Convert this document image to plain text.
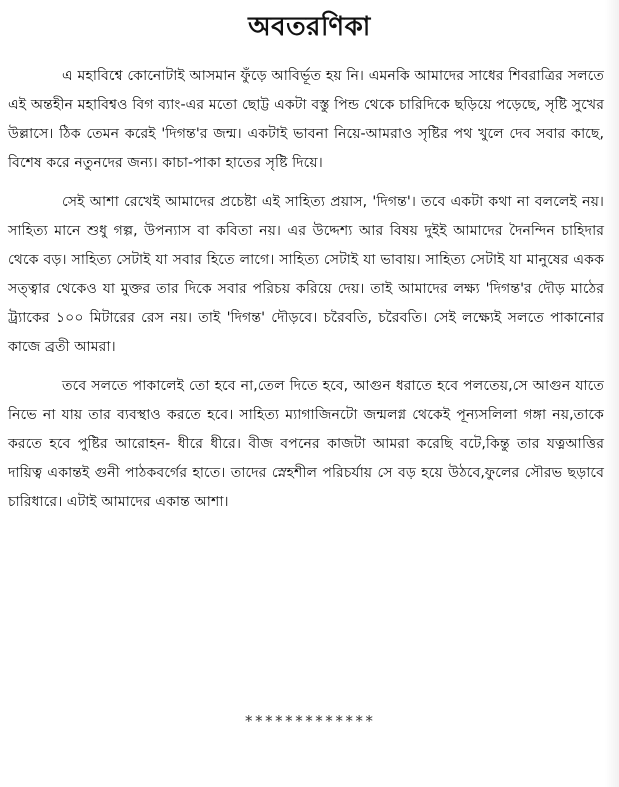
অবতরণিকা

এ মহাবিশ্বে কোনোটাই আসমান ফুঁড়ে আবির্ভূত হয় নি। এমনকি আমাদের সাধের শিবরাত্রির সলতে এই অন্তহীন মহাবিশ্বও বিগ ব্যাং-এর মতো ছোট্ট একটা বস্তু পিন্ড থেকে চারিদিকে ছড়িয়ে পড়েছে, সৃষ্টি সুখের উল্লাসে। ঠিক তেমন করেই 'দিগন্ত'র জন্ম। একটাই ভাবনা নিয়ে-আমরাও সৃষ্টির পথ খুলে দেব সবার কাছে, বিশেষ করে নতুনদের জন্য। কাচা-পাকা হাতের সৃষ্টি দিয়ে।

সেই আশা রেখেই আমাদের প্রচেষ্টা এই সাহিত্য প্রয়াস, 'দিগন্ত'। তবে একটা কথা না বললেই নয়। সাহিত্য মানে শুধু গল্প, উপন্যাস বা কবিতা নয়। এর উদ্দেশ্য আর বিষয় দুইই আমাদের দৈনন্দিন চাহিদার থেকে বড়। সাহিত্য সেটাই যা সবার হিতে লাগে। সাহিত্য সেটাই যা ভাবায়। সাহিত্য সেটাই যা মানুষের একক সত্ত্বার থেকেও যা মুক্তর তার দিকে সবার পরিচয় করিয়ে দেয়। তাই আমাদের লক্ষ্য 'দিগন্ত'র দৌড় মাঠের ট্র্যাকের ১০০ মিটারের রেস নয়। তাই 'দিগন্ত' দৌড়বে। চরৈবতি, চরৈবতি। সেই লক্ষ্যেই সলতে পাকানোর কাজে ব্রতী আমরা।

তবে সলতে পাকালেই তো হবে না,তেল দিতে হবে, আগুন ধরাতে হবে পলতেয়,সে আগুন যাতে নিভে না যায় তার ব্যবস্থাও করতে হবে। সাহিত্য ম্যাগাজিনটো জন্মলগ্ন থেকেই পূন্যসলিলা গঙ্গা নয়,তাকে করতে হবে পুষ্টির আরোহন- ধীরে ধীরে। বীজ বপনের কাজটা আমরা করেছি বটে,কিন্তু তার যত্নআত্তির দায়িত্ব একান্তই গুনী পাঠকবর্গের হাতে। তাদের স্নেহশীল পরিচর্যায় সে বড় হয়ে উঠবে,ফুলের সৌরভ ছড়াবে চারিধারে। এটাই আমাদের একান্ত আশা।

*************
